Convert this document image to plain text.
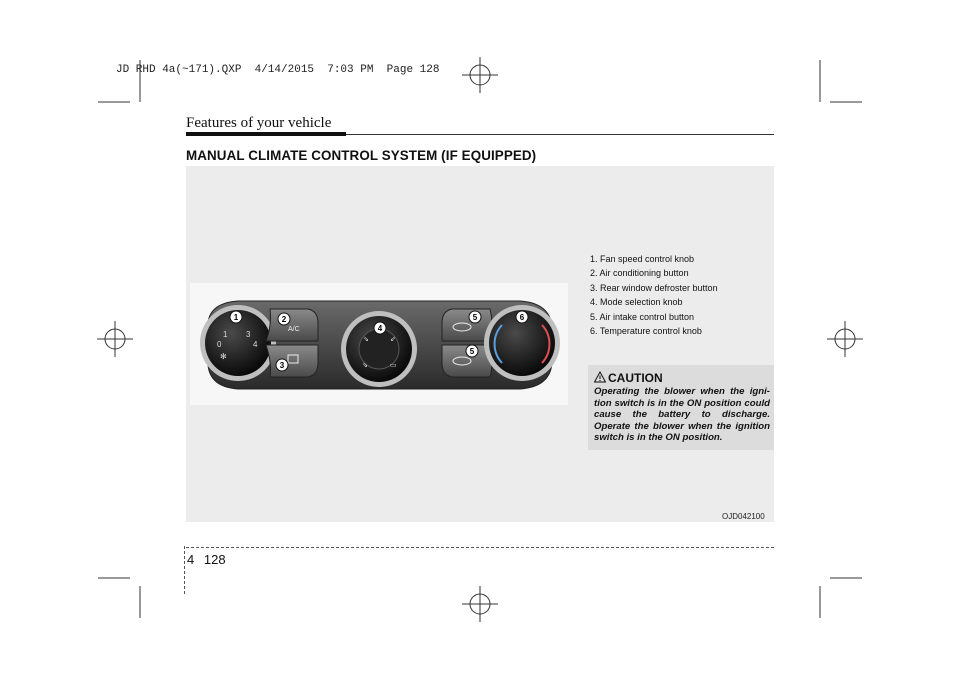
JD RHD 4a(~171).QXP  4/14/2015  7:03 PM  Page 128
Features of your vehicle
MANUAL CLIMATE CONTROL SYSTEM (IF EQUIPPED)
1 3
0	4
✻
A/C
⇘	⇙
⇘	▭
1	2
3
4
5
5
6
1. Fan speed control knob
2. Air conditioning button
3. Rear window defroster button
4. Mode selection knob
5. Air intake control button
6. Temperature control knob
CAUTION
Operating the blower when the ignition switch is in the ON position could cause the battery to discharge. Operate the blower when the ignition switch is in the ON position.
OJD042100
4 128
